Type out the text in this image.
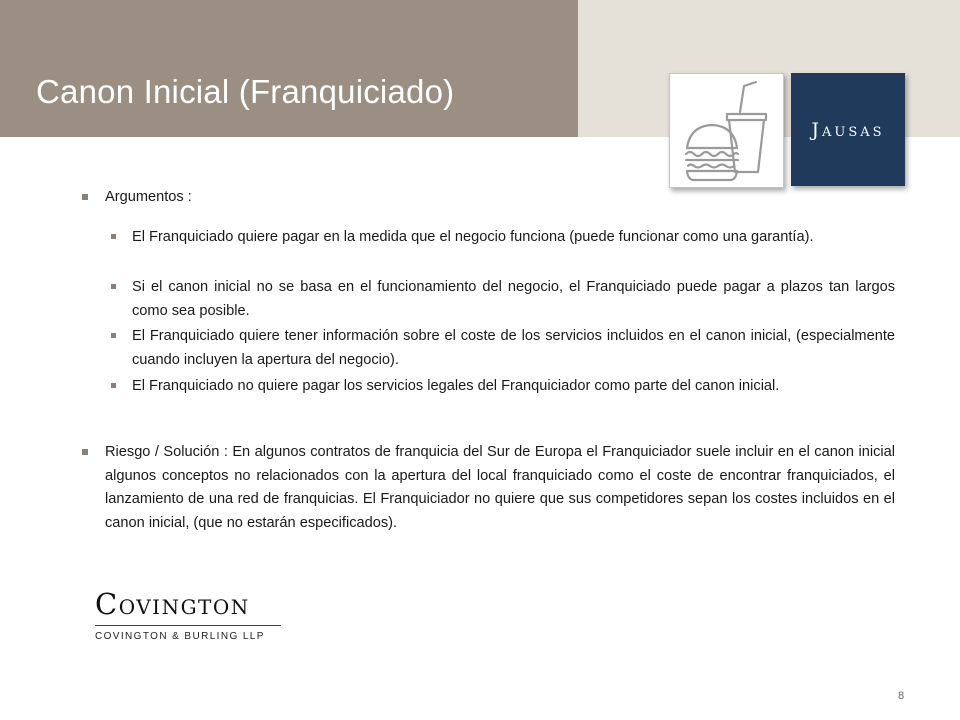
Canon Inicial (Franquiciado)
Jausas
Argumentos :
El Franquiciado quiere pagar en la medida que el negocio funciona (puede funcionar como una garantía).
Si el canon inicial no se basa en el funcionamiento del negocio, el Franquiciado puede pagar a plazos tan largos como sea posible.
El Franquiciado quiere tener información sobre el coste de los servicios incluidos en el canon inicial, (especialmente cuando incluyen la apertura del negocio).
El Franquiciado no quiere pagar los servicios legales del Franquiciador como parte del canon inicial.
Riesgo / Solución : En algunos contratos de franquicia del Sur de Europa el Franquiciador suele incluir en el canon inicial algunos conceptos no relacionados con la apertura del local franquiciado como el coste de encontrar franquiciados, el lanzamiento de una red de franquicias. El Franquiciador no quiere que sus competidores sepan los costes incluidos en el canon inicial, (que no estarán especificados).
Covington
COVINGTON & BURLING LLP
8
